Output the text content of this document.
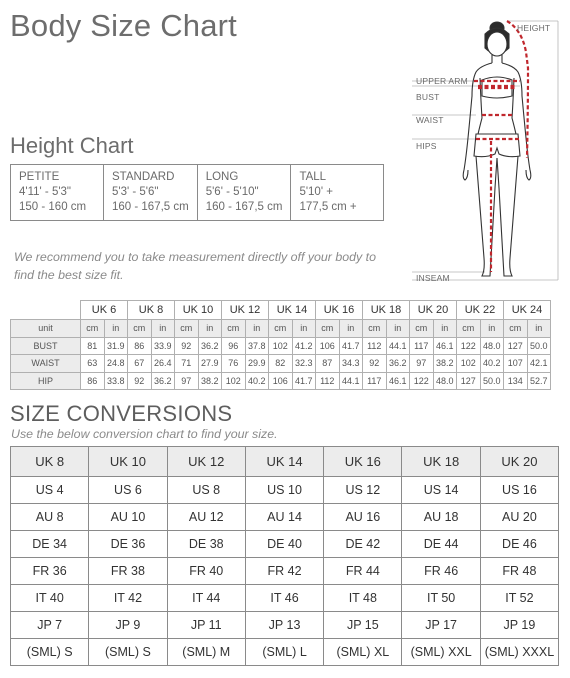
Body Size Chart
Height Chart
PETITE
4'11' - 5'3"
150 - 160 cm

STANDARD
5'3' - 5'6"
160 - 167,5 cm

LONG
5'6' - 5'10"
160 - 167,5 cm

TALL
5'10' +
177,5 cm +
We recommend you to take measurement directly off your body to find the best size fit.
HEIGHT
UPPER ARM
BUST
WAIST
HIPS
INSEAM
	UK 6		UK 8		UK 10		UK 12		UK 14		UK 16		UK 18		UK 20		UK 22		UK 24	
unit	cm	in	cm	in	cm	in	cm	in	cm	in	cm	in	cm	in	cm	in	cm	in	cm	in
BUST	81	31.9	86	33.9	92	36.2	96	37.8	102	41.2	106	41.7	112	44.1	117	46.1	122	48.0	127	50.0
WAIST	63	24.8	67	26.4	71	27.9	76	29.9	82	32.3	87	34.3	92	36.2	97	38.2	102	40.2	107	42.1
HIP	86	33.8	92	36.2	97	38.2	102	40.2	106	41.7	112	44.1	117	46.1	122	48.0	127	50.0	134	52.7
SIZE CONVERSIONS
Use the below conversion chart to find your size.
UK 8	UK 10	UK 12	UK 14	UK 16	UK 18	UK 20
US 4	US 6	US 8	US 10	US 12	US 14	US 16
AU 8	AU 10	AU 12	AU 14	AU 16	AU 18	AU 20
DE 34	DE 36	DE 38	DE 40	DE 42	DE 44	DE 46
FR 36	FR 38	FR 40	FR 42	FR 44	FR 46	FR 48
IT 40	IT 42	IT 44	IT 46	IT 48	IT 50	IT 52
JP 7	JP 9	JP 11	JP 13	JP 15	JP 17	JP 19
(SML) S	(SML) S	(SML) M	(SML) L	(SML) XL	(SML) XXL	(SML) XXXL
